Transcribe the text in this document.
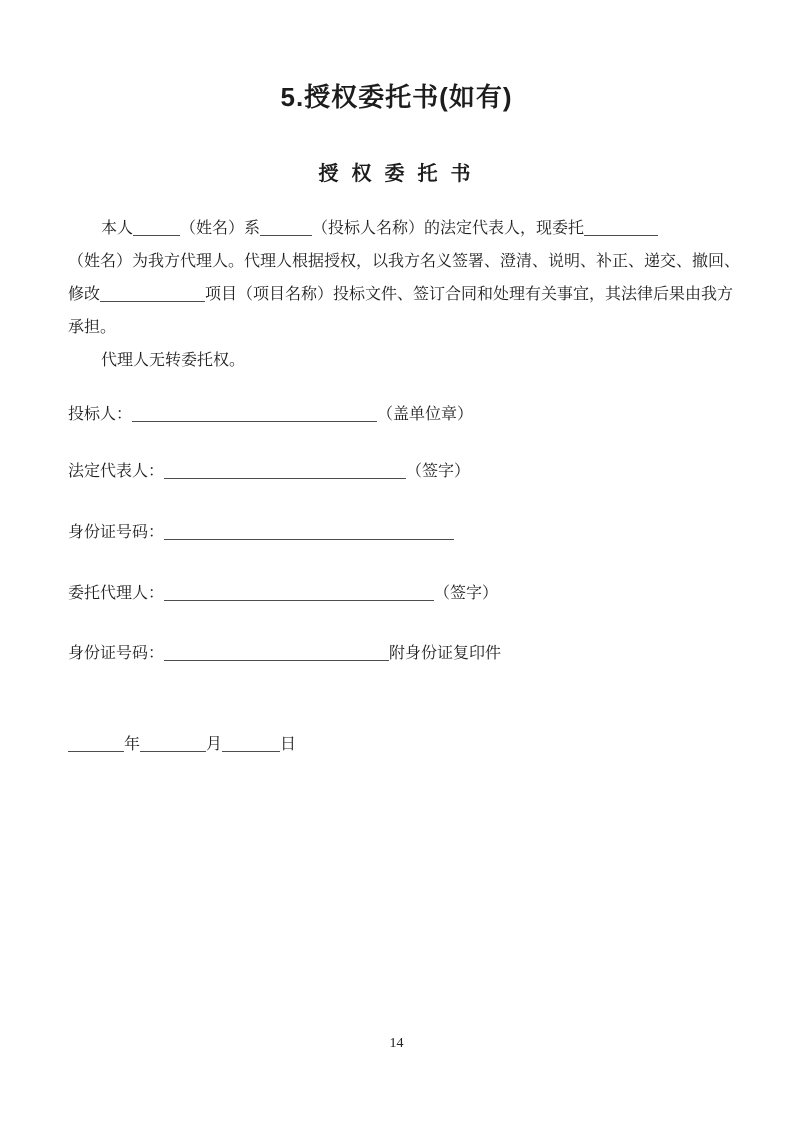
5.授权委托书(如有)
授 权 委 托 书
本人	（姓名）系	（投标人名称）的法定代表人，现委托
（姓名）为我方代理人。代理人根据授权，以我方名义签署、澄清、说明、补正、递交、撤回、
修改	项目（项目名称）投标文件、签订合同和处理有关事宜，其法律后果由我方
承担。
代理人无转委托权。
投标人：	（盖单位章）
法定代表人：	（签字）
身份证号码：
委托代理人：	（签字）
身份证号码：	附身份证复印件
年	月	日
14
